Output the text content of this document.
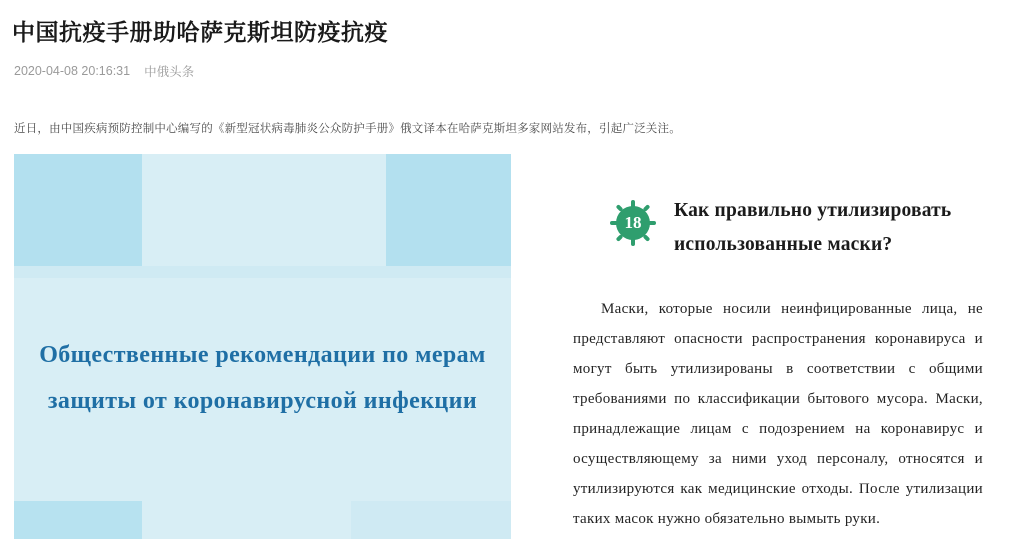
中国抗疫手册助哈萨克斯坦防疫抗疫
2020-04-08 20:16:31 中俄头条

近日，由中国疾病预防控制中心编写的《新型冠状病毒肺炎公众防护手册》俄文译本在哈萨克斯坦多家网站发布，引起广泛关注。

Общественные рекомендации по мерам
защиты от коронавирусной инфекции
18
Как правильно утилизировать
использованные маски?
Маски, которые носили неинфицированные лица, не представляют опасности распространения коронавируса и могут быть утилизированы в соответствии с общими требованиями по классификации бытового мусора. Маски, принадлежащие лицам с подозрением на коронавирус и осуществляющему за ними уход персоналу, относятся и утилизируются как медицинские отходы. После утилизации таких масок нужно обязательно вымыть руки.
